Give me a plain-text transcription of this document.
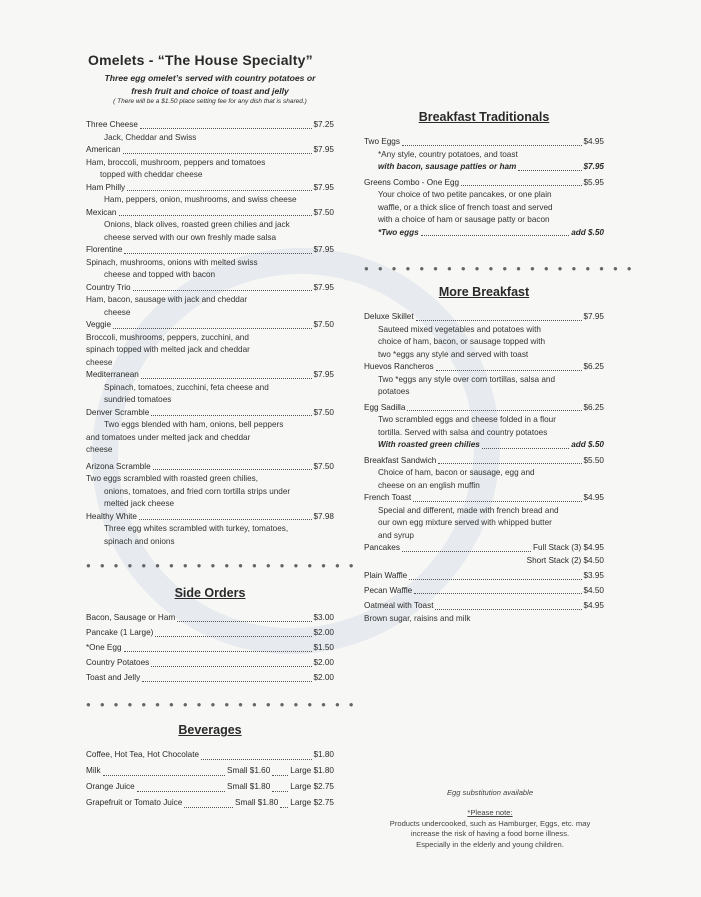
Omelets - “The House Specialty”
Three egg omelet’s served with country potatoes or
fresh fruit and choice of toast and jelly
( There will be a $1.50 place setting fee for any dish that is shared.)
Three Cheese	$7.25
Jack, Cheddar and Swiss
American	$7.95
Ham, broccoli, mushroom, peppers and tomatoes
topped with cheddar cheese
Ham Philly	$7.95
Ham, peppers, onion, mushrooms, and swiss cheese
Mexican	$7.50
Onions, black olives, roasted green chilies and jack
cheese served with our own freshly made salsa
Florentine	$7.95
Spinach, mushrooms, onions with melted swiss
cheese and topped with bacon
Country Trio	$7.95
Ham, bacon, sausage with jack and cheddar
cheese
Veggie	$7.50
Broccoli, mushrooms, peppers, zucchini, and
spinach topped with melted jack and cheddar
cheese
Mediterranean	$7.95
Spinach, tomatoes, zucchini, feta cheese and
sundried tomatoes
Denver Scramble	$7.50
Two eggs blended with ham, onions, bell peppers
and tomatoes under melted jack and cheddar
cheese
Arizona Scramble	$7.50
Two eggs scrambled with roasted green chilies,
onions, tomatoes, and fried corn tortilla strips under
melted jack cheese
Healthy White	$7.98
Three egg whites scrambled with turkey, tomatoes,
spinach and onions
●●●●●●●●●●●●●●●●●●●●
Side Orders
Bacon, Sausage or Ham	$3.00
Pancake (1 Large)	$2.00
*One Egg	$1.50
Country Potatoes	$2.00
Toast and Jelly	$2.00
●●●●●●●●●●●●●●●●●●●●
Beverages
Coffee, Hot Tea, Hot Chocolate	$1.80
Milk	Small $1.60 Large $1.80
Orange Juice	Small $1.80 Large $2.75
Grapefruit or Tomato Juice	Small $1.80 Large $2.75
Breakfast Traditionals
Two Eggs	$4.95
*Any style, country potatoes, and toast
with bacon, sausage patties or ham	$7.95
Greens Combo - One Egg	$5.95
Your choice of two petite pancakes, or one plain
waffle, or a thick slice of french toast and served
with a choice of ham or sausage patty or bacon
*Two eggs	add $.50
●●●●●●●●●●●●●●●●●●●●
More Breakfast
Deluxe Skillet	$7.95
Sauteed mixed vegetables and potatoes with
choice of ham, bacon, or sausage topped with
two *eggs any style and served with toast
Huevos Rancheros	$6.25
Two *eggs any style over corn tortillas, salsa and
potatoes
Egg Sadilla	$6.25
Two scrambled eggs and cheese folded in a flour
tortilla. Served with salsa and country potatoes
With roasted green chilies	add $.50
Breakfast Sandwich	$5.50
Choice of ham, bacon or sausage, egg and
cheese on an english muffin
French Toast	$4.95
Special and different, made with french bread and
our own egg mixture served with whipped butter
and syrup
Pancakes	Full Stack (3) $4.95
Short Stack (2) $4.50
Plain Waffle	$3.95
Pecan Waffle	$4.50
Oatmeal with Toast	$4.95
Brown sugar, raisins and milk
Egg substitution available
*Please note:
Products undercooked, such as Hamburger, Eggs, etc. may
increase the risk of having a food borne illness.
Especially in the elderly and young children.
